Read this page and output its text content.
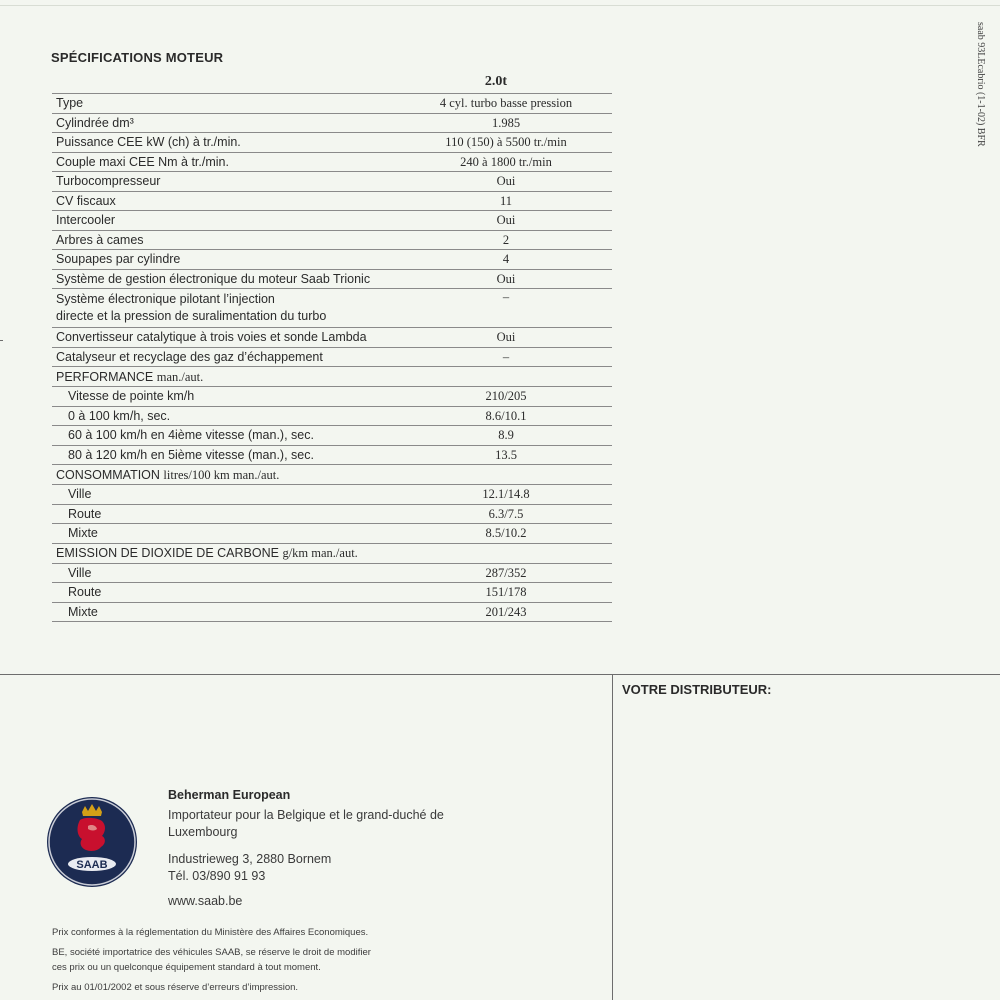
saab 93LEcabrio (1-1-02) BFR
SPÉCIFICATIONS MOTEUR
2.0t
Type	4 cyl. turbo basse pression
Cylindrée dm³	1.985
Puissance CEE kW (ch) à tr./min.	110 (150) à 5500 tr./min
Couple maxi CEE Nm à tr./min.	240 à 1800 tr./min
Turbocompresseur	Oui
CV fiscaux	11
Intercooler	Oui
Arbres à cames	2
Soupapes par cylindre	4
Système de gestion électronique du moteur Saab Trionic	Oui

Système électronique pilotant l’injection
directe et la pression de suralimentation du turbo	–
Convertisseur catalytique à trois voies et sonde Lambda	Oui
Catalyseur et recyclage des gaz d’échappement	–
PERFORMANCE man./aut.	
Vitesse de pointe km/h	210/205
0 à 100 km/h, sec.	8.6/10.1
60 à 100 km/h en 4ième vitesse (man.), sec.	8.9
80 à 120 km/h en 5ième vitesse (man.), sec.	13.5
CONSOMMATION litres/100 km man./aut.	
Ville	12.1/14.8
Route	6.3/7.5
Mixte	8.5/10.2
EMISSION DE DIOXIDE DE CARBONE g/km man./aut.	
Ville	287/352
Route	151/178
Mixte	201/243
SAAB
Beherman European
Importateur pour la Belgique et le grand-duché de
Luxembourg
Industrieweg 3, 2880 Bornem
Tél. 03/890 91 93
www.saab.be

Prix conformes à la réglementation du Ministère des Affaires Economiques.

BE, société importatrice des véhicules SAAB, se réserve le droit de modifier

ces prix ou un quelconque équipement standard à tout moment.

Prix au 01/01/2002 et sous réserve d’erreurs d’impression.

VOTRE DISTRIBUTEUR:
